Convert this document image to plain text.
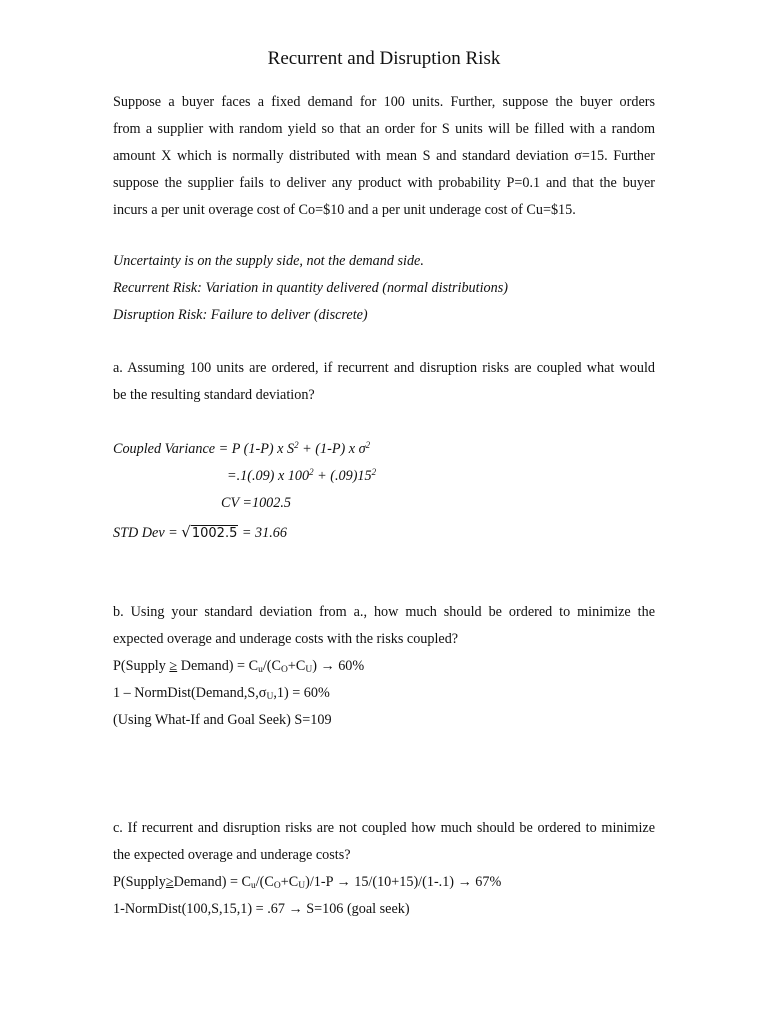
Recurrent and Disruption Risk
Suppose a buyer faces a fixed demand for 100 units. Further, suppose the buyer orders
from a supplier with random yield so that an order for S units will be filled with a random
amount X which is normally distributed with mean S and standard deviation σ=15. Further
suppose the supplier fails to deliver any product with probability P=0.1 and that the buyer
incurs a per unit overage cost of Co=$10 and a per unit underage cost of Cu=$15.
Uncertainty is on the supply side, not the demand side.
Recurrent Risk: Variation in quantity delivered (normal distributions)
Disruption Risk: Failure to deliver (discrete)
a. Assuming 100 units are ordered, if recurrent and disruption risks are coupled what would
be the resulting standard deviation?
Coupled Variance = P (1-P) x $S^2 + (1-P)$ x $\sigma^2$
=.1(.09) x $100^2 + (.09)15^2$
CV =1002.5
STD Dev = √1002.5 = 31.66
b. Using your standard deviation from a., how much should be ordered to minimize the
expected overage and underage costs with the risks coupled?
P(Supply ≥ Demand) = $C_u/(C_O+C_U) \to 60\%$
$1 - NormDist(Demand,S,\sigma_U,1) = 60\%$
(Using What-If and Goal Seek) S=109
c. If recurrent and disruption risks are not coupled how much should be ordered to minimize
the expected overage and underage costs?
P(Supply≥Demand) = $C_u/(C_O+C_U)/1-P \to 15/(10+15)/(1-.1) \to 67\%$
1-NormDist(100,S,15,1) = .67 → S=106 (goal seek)
